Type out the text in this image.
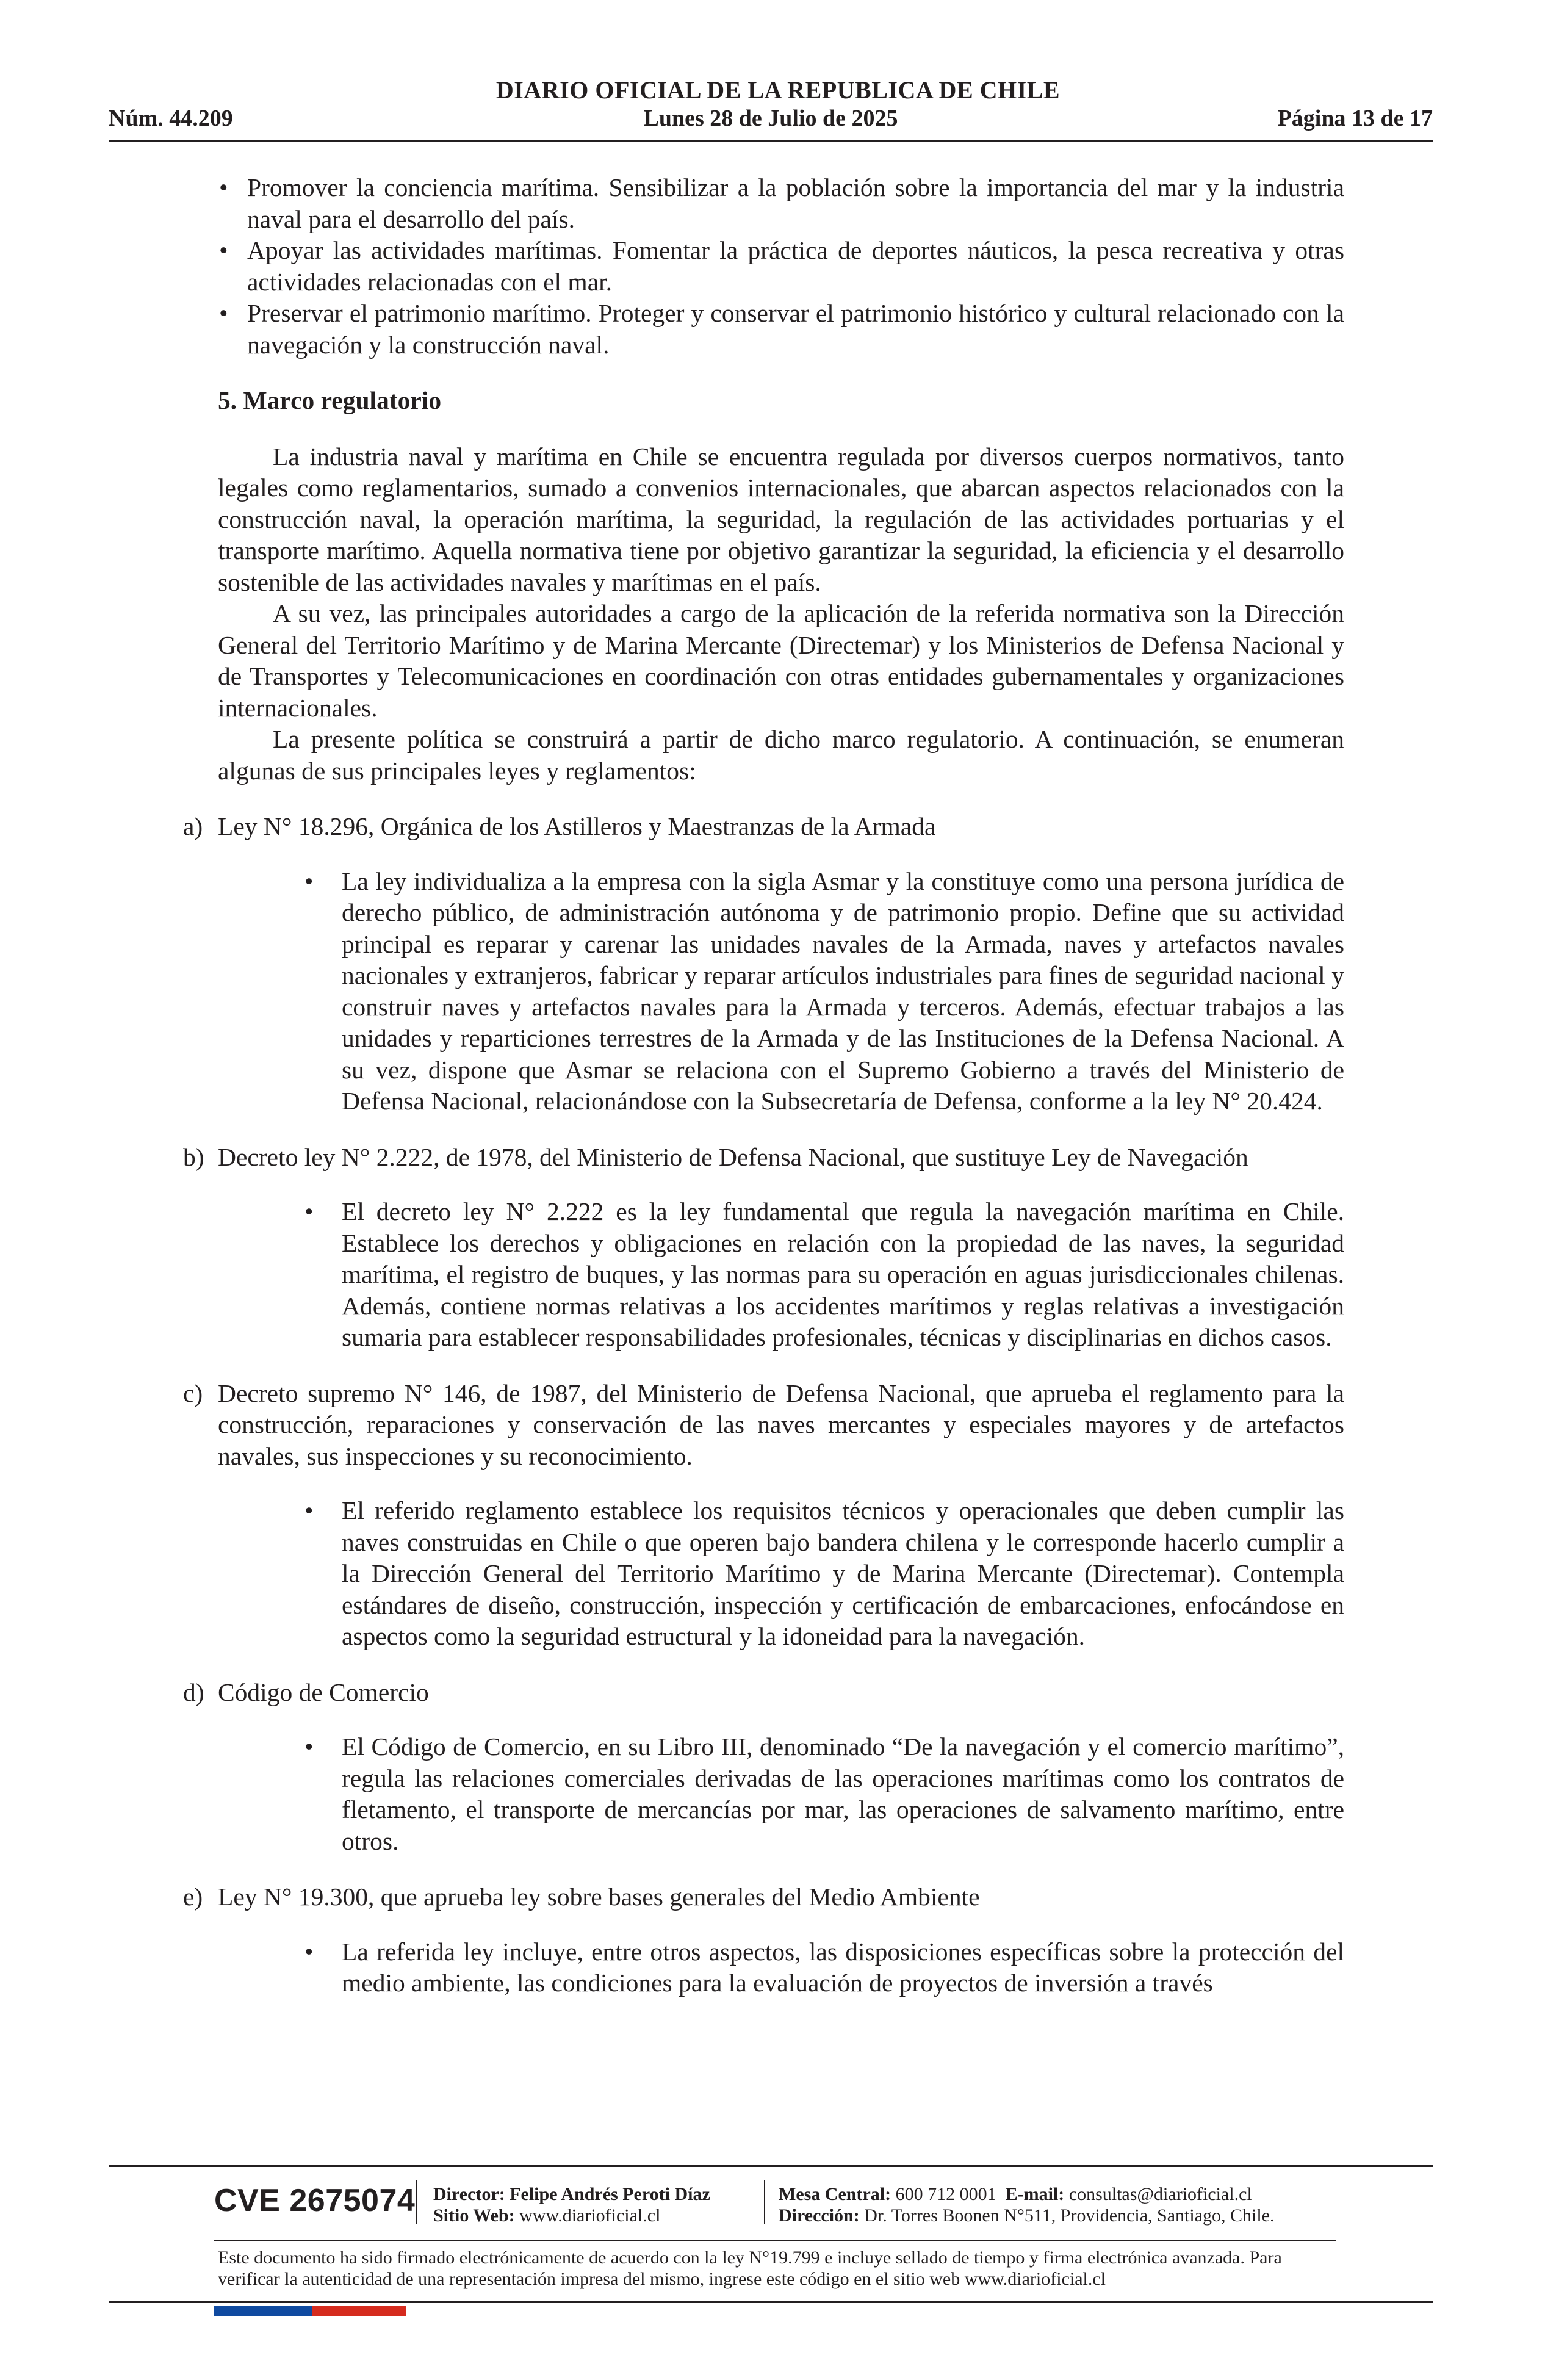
DIARIO OFICIAL DE LA REPUBLICA DE CHILE
Núm. 44.209	Lunes 28 de Julio de 2025	Página 13 de 17
• Promover la conciencia marítima. Sensibilizar a la población sobre la importancia del mar y la industria naval para el desarrollo del país.
• Apoyar las actividades marítimas. Fomentar la práctica de deportes náuticos, la pesca recreativa y otras actividades relacionadas con el mar.
• Preservar el patrimonio marítimo. Proteger y conservar el patrimonio histórico y cultural relacionado con la navegación y la construcción naval.
5. Marco regulatorio

La industria naval y marítima en Chile se encuentra regulada por diversos cuerpos normativos, tanto legales como reglamentarios, sumado a convenios internacionales, que abarcan aspectos relacionados con la construcción naval, la operación marítima, la seguridad, la regulación de las actividades portuarias y el transporte marítimo. Aquella normativa tiene por objetivo garantizar la seguridad, la eficiencia y el desarrollo sostenible de las actividades navales y marítimas en el país.

A su vez, las principales autoridades a cargo de la aplicación de la referida normativa son la Dirección General del Territorio Marítimo y de Marina Mercante (Directemar) y los Ministerios de Defensa Nacional y de Transportes y Telecomunicaciones en coordinación con otras entidades gubernamentales y organizaciones internacionales.

La presente política se construirá a partir de dicho marco regulatorio. A continuación, se enumeran algunas de sus principales leyes y reglamentos:

a) Ley N° 18.296, Orgánica de los Astilleros y Maestranzas de la Armada
• La ley individualiza a la empresa con la sigla Asmar y la constituye como una persona jurídica de derecho público, de administración autónoma y de patrimonio propio. Define que su actividad principal es reparar y carenar las unidades navales de la Armada, naves y artefactos navales nacionales y extranjeros, fabricar y reparar artículos industriales para fines de seguridad nacional y construir naves y artefactos navales para la Armada y terceros. Además, efectuar trabajos a las unidades y reparticiones terrestres de la Armada y de las Instituciones de la Defensa Nacional. A su vez, dispone que Asmar se relaciona con el Supremo Gobierno a través del Ministerio de Defensa Nacional, relacionándose con la Subsecretaría de Defensa, conforme a la ley N° 20.424.
b) Decreto ley N° 2.222, de 1978, del Ministerio de Defensa Nacional, que sustituye Ley de Navegación
• El decreto ley N° 2.222 es la ley fundamental que regula la navegación marítima en Chile. Establece los derechos y obligaciones en relación con la propiedad de las naves, la seguridad marítima, el registro de buques, y las normas para su operación en aguas jurisdiccionales chilenas. Además, contiene normas relativas a los accidentes marítimos y reglas relativas a investigación sumaria para establecer responsabilidades profesionales, técnicas y disciplinarias en dichos casos.
c) Decreto supremo N° 146, de 1987, del Ministerio de Defensa Nacional, que aprueba el reglamento para la construcción, reparaciones y conservación de las naves mercantes y especiales mayores y de artefactos navales, sus inspecciones y su reconocimiento.
• El referido reglamento establece los requisitos técnicos y operacionales que deben cumplir las naves construidas en Chile o que operen bajo bandera chilena y le corresponde hacerlo cumplir a la Dirección General del Territorio Marítimo y de Marina Mercante (Directemar). Contempla estándares de diseño, construcción, inspección y certificación de embarcaciones, enfocándose en aspectos como la seguridad estructural y la idoneidad para la navegación.
d) Código de Comercio
• El Código de Comercio, en su Libro III, denominado “De la navegación y el comercio marítimo”, regula las relaciones comerciales derivadas de las operaciones marítimas como los contratos de fletamento, el transporte de mercancías por mar, las operaciones de salvamento marítimo, entre otros.
e) Ley N° 19.300, que aprueba ley sobre bases generales del Medio Ambiente
• La referida ley incluye, entre otros aspectos, las disposiciones específicas sobre la protección del medio ambiente, las condiciones para la evaluación de proyectos de inversión a través
CVE 2675074 Director: Felipe Andrés Peroti Díaz
Sitio Web: www.diarioficial.cl
Mesa Central: 600 712 0001 E-mail: consultas@diarioficial.cl
Dirección: Dr. Torres Boonen N°511, Providencia, Santiago, Chile.
Este documento ha sido firmado electrónicamente de acuerdo con la ley N°19.799 e incluye sellado de tiempo y firma electrónica avanzada. Para verificar la autenticidad de una representación impresa del mismo, ingrese este código en el sitio web www.diarioficial.cl
